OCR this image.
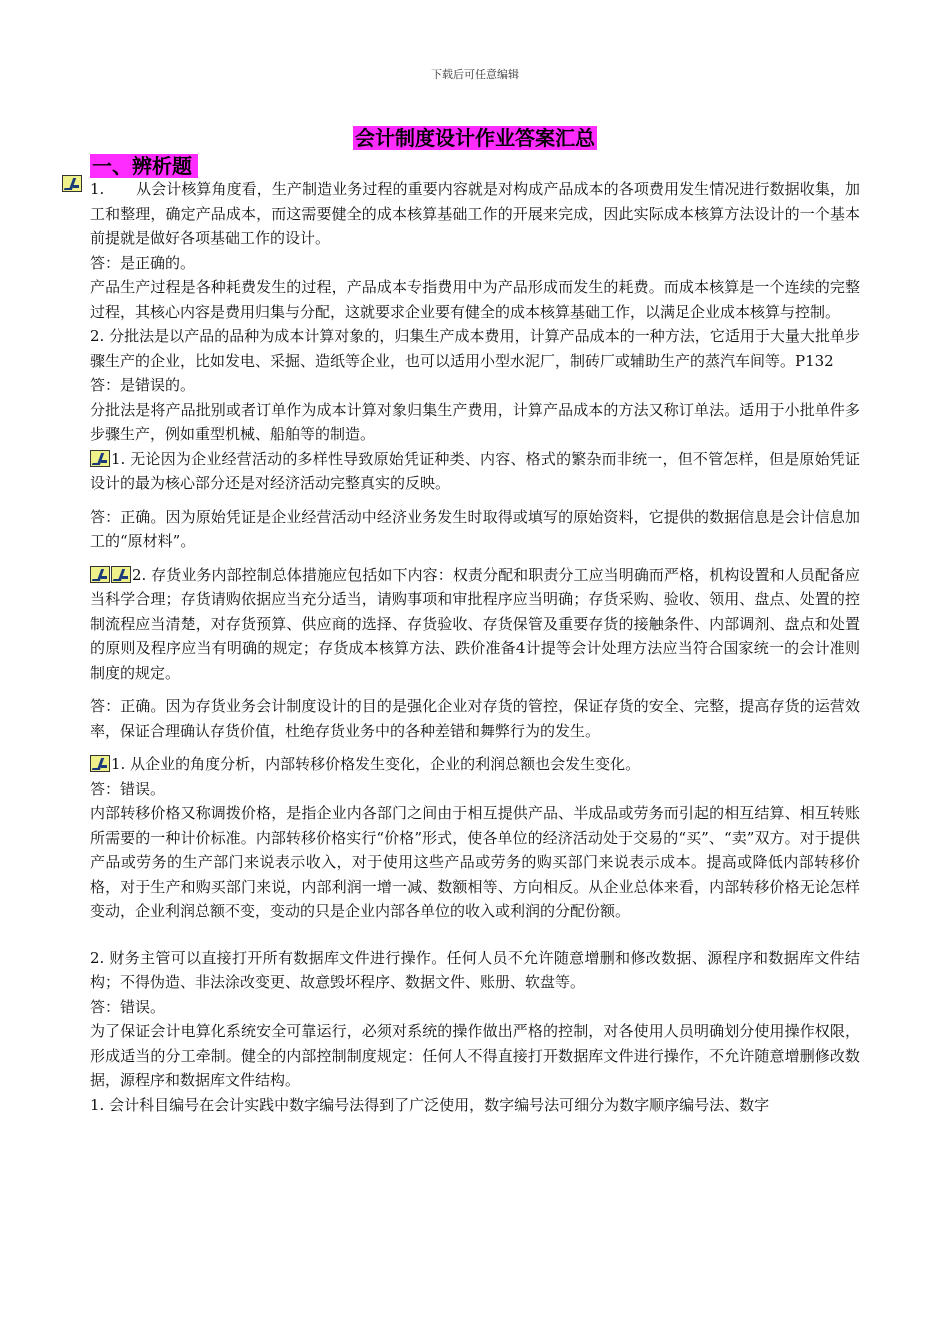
下载后可任意编辑
会计制度设计作业答案汇总
一、辨析题

1. 从会计核算角度看，生产制造业务过程的重要内容就是对构成产品成本的各项费用发生情况进行数据收集，加工和整理，确定产品成本，而这需要健全的成本核算基础工作的开展来完成，因此实际成本核算方法设计的一个基本前提就是做好各项基础工作的设计。

答：是正确的。

产品生产过程是各种耗费发生的过程，产品成本专指费用中为产品形成而发生的耗费。而成本核算是一个连续的完整过程，其核心内容是费用归集与分配，这就要求企业要有健全的成本核算基础工作，以满足企业成本核算与控制。

2. 分批法是以产品的品种为成本计算对象的，归集生产成本费用，计算产品成本的一种方法，它适用于大量大批单步骤生产的企业，比如发电、采掘、造纸等企业，也可以适用小型水泥厂，制砖厂或辅助生产的蒸汽车间等。P132

答：是错误的。

分批法是将产品批别或者订单作为成本计算对象归集生产费用，计算产品成本的方法又称订单法。适用于小批单件多步骤生产，例如重型机械、船舶等的制造。

1. 无论因为企业经营活动的多样性导致原始凭证种类、内容、格式的繁杂而非统一，但不管怎样，但是原始凭证设计的最为核心部分还是对经济活动完整真实的反映。

答：正确。因为原始凭证是企业经营活动中经济业务发生时取得或填写的原始资料，它提供的数据信息是会计信息加工的“原材料”。

2. 存货业务内部控制总体措施应包括如下内容：权责分配和职责分工应当明确而严格，机构设置和人员配备应当科学合理；存货请购依据应当充分适当，请购事项和审批程序应当明确；存货采购、验收、领用、盘点、处置的控制流程应当清楚，对存货预算、供应商的选择、存货验收、存货保管及重要存货的接触条件、内部调剂、盘点和处置的原则及程序应当有明确的规定；存货成本核算方法、跌价准备4计提等会计处理方法应当符合国家统一的会计准则制度的规定。

答：正确。因为存货业务会计制度设计的目的是强化企业对存货的管控，保证存货的安全、完整，提高存货的运营效率，保证合理确认存货价值，杜绝存货业务中的各种差错和舞弊行为的发生。

1. 从企业的角度分析，内部转移价格发生变化，企业的利润总额也会发生变化。

答：错误。

内部转移价格又称调拨价格，是指企业内各部门之间由于相互提供产品、半成品或劳务而引起的相互结算、相互转账所需要的一种计价标准。内部转移价格实行“价格”形式，使各单位的经济活动处于交易的“买”、“卖”双方。对于提供产品或劳务的生产部门来说表示收入，对于使用这些产品或劳务的购买部门来说表示成本。提高或降低内部转移价格，对于生产和购买部门来说，内部利润一增一减、数额相等、方向相反。从企业总体来看，内部转移价格无论怎样变动，企业利润总额不变，变动的只是企业内部各单位的收入或利润的分配份额。

2. 财务主管可以直接打开所有数据库文件进行操作。任何人员不允许随意增删和修改数据、源程序和数据库文件结构；不得伪造、非法涂改变更、故意毁坏程序、数据文件、账册、软盘等。

答：错误。

为了保证会计电算化系统安全可靠运行，必须对系统的操作做出严格的控制，对各使用人员明确划分使用操作权限，形成适当的分工牵制。健全的内部控制制度规定：任何人不得直接打开数据库文件进行操作，不允许随意增删修改数据，源程序和数据库文件结构。

1. 会计科目编号在会计实践中数字编号法得到了广泛使用，数字编号法可细分为数字顺序编号法、数字
